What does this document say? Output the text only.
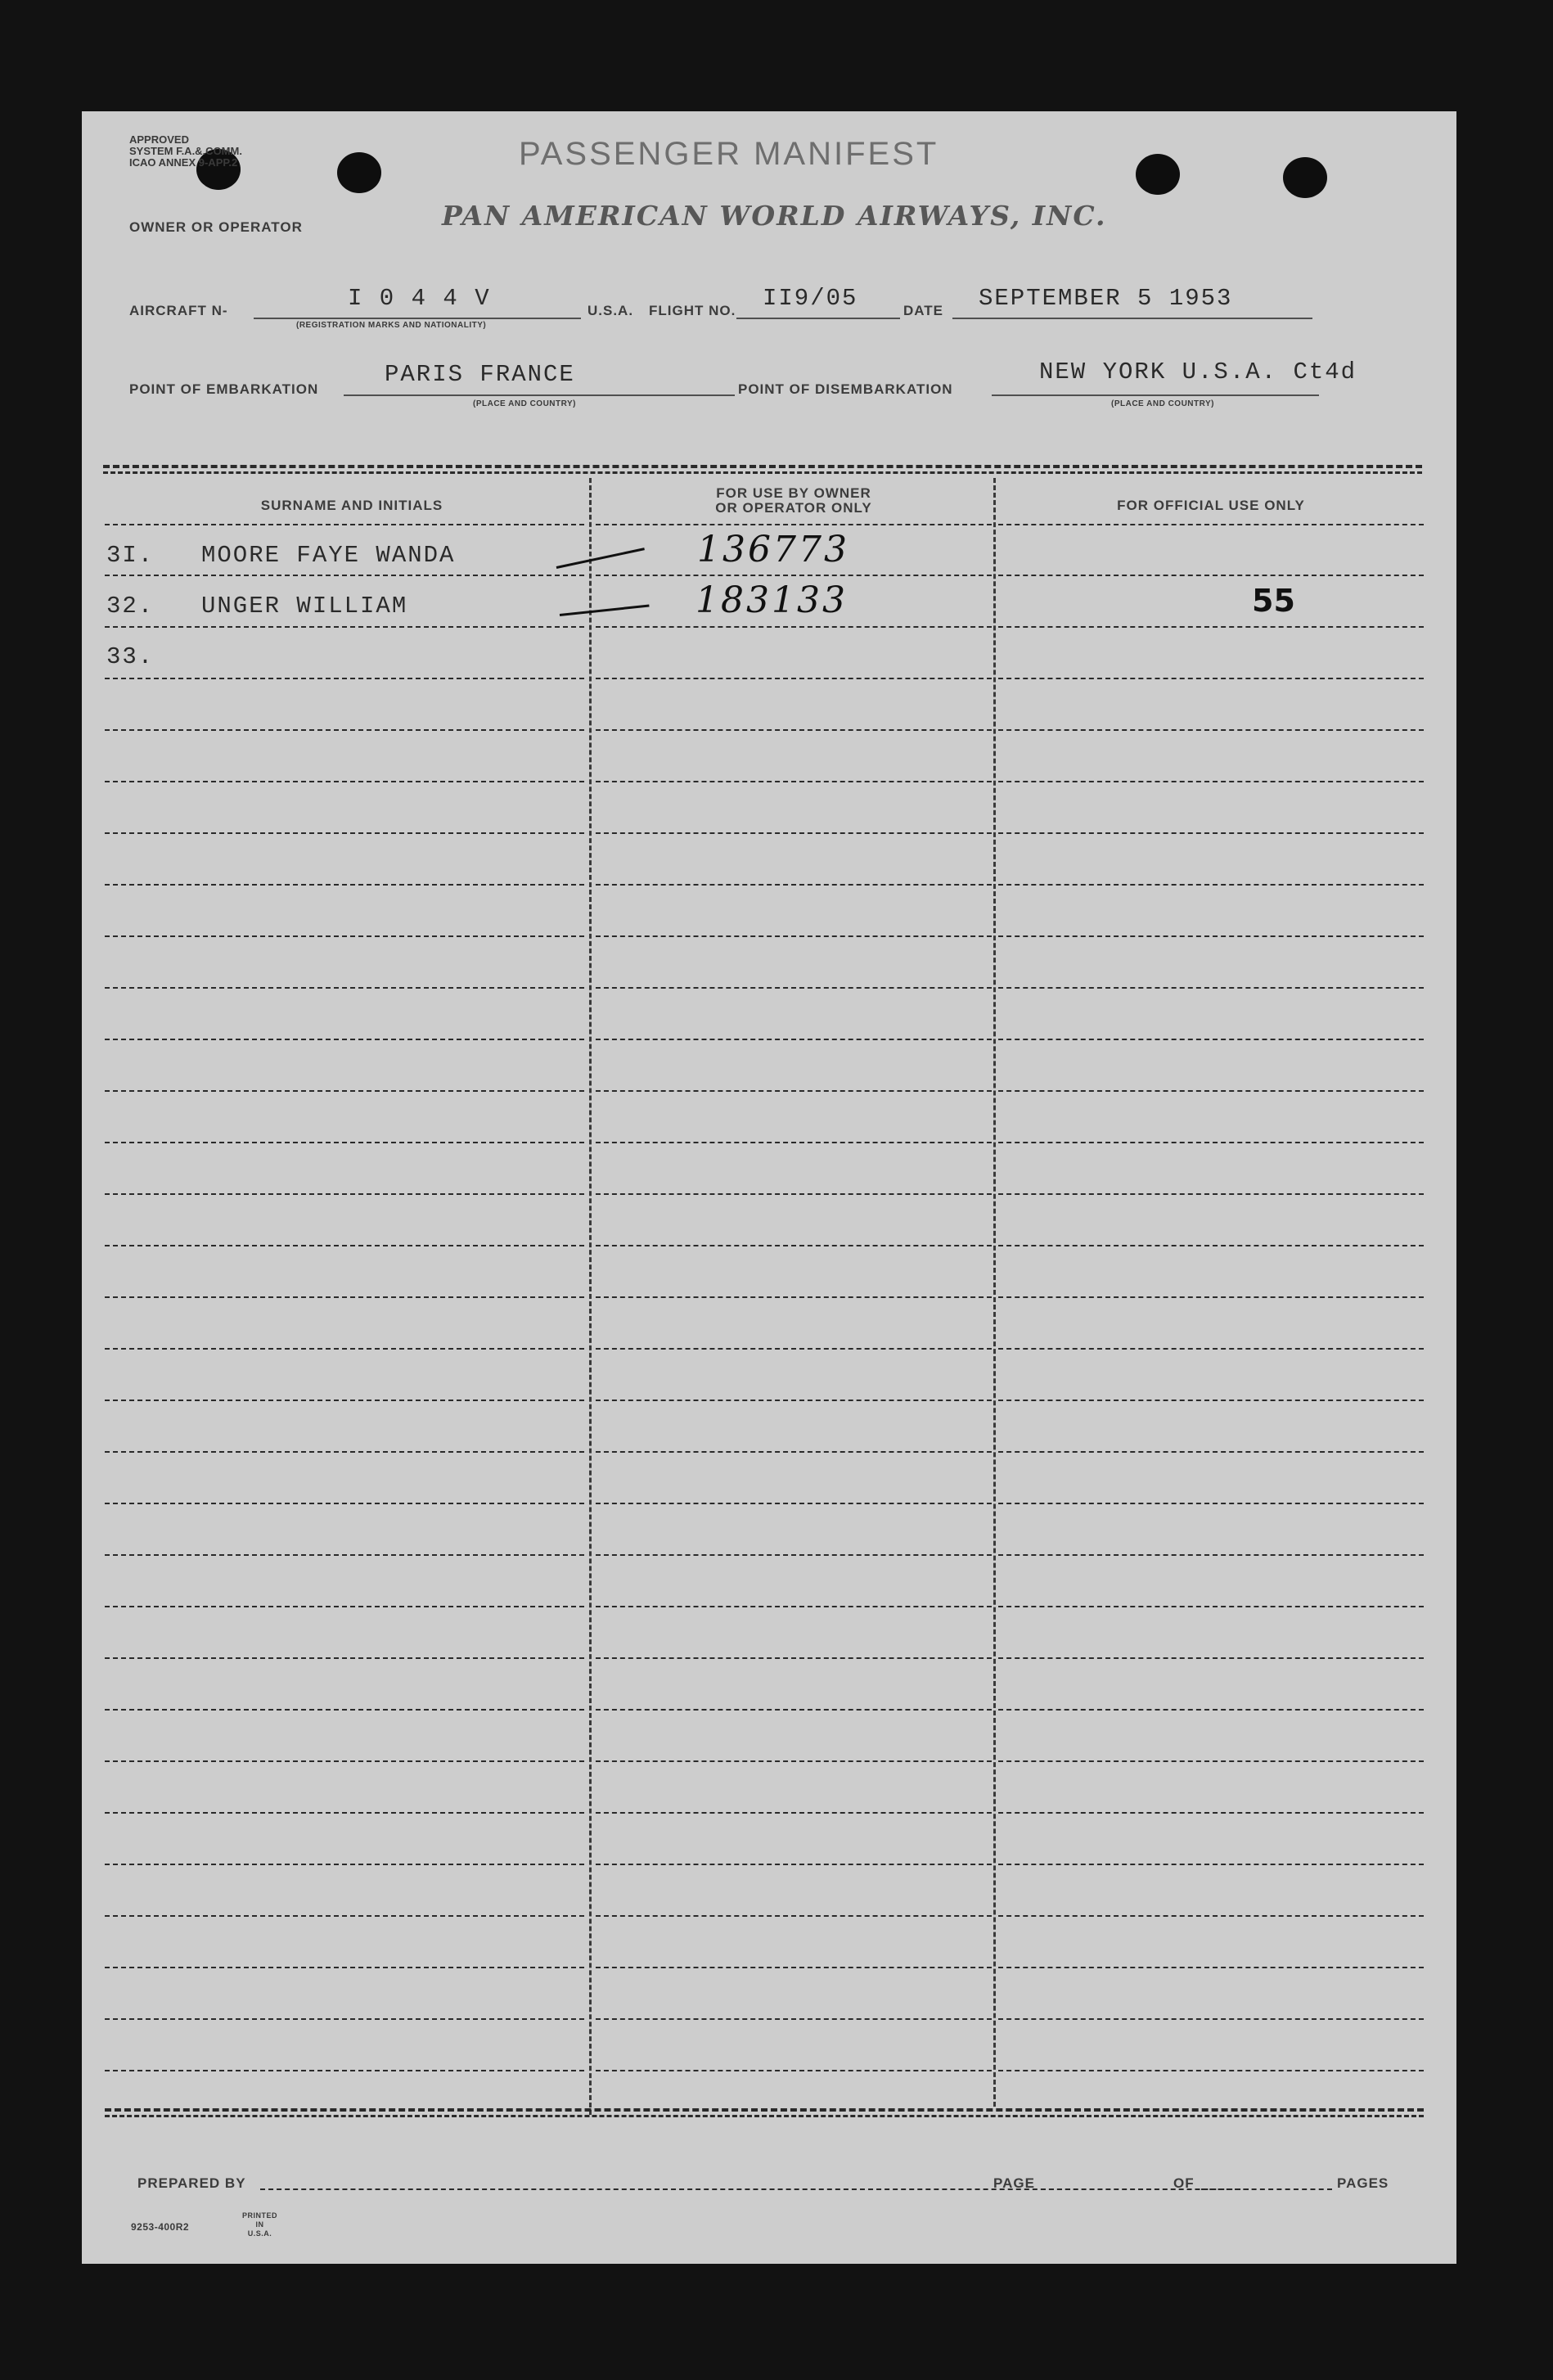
APPROVED
SYSTEM F.A.&.COMM.
ICAO ANNEX 9-APP.2	PASSENGER MANIFEST
OWNER OR OPERATOR	PAN AMERICAN WORLD AIRWAYS, INC.
AIRCRAFT N-	I 0 4 4 V
(REGISTRATION MARKS AND NATIONALITY)
U.S.A. FLIGHT NO. II9/05	DATE SEPTEMBER 5 1953
POINT OF EMBARKATION
PARIS FRANCE
(PLACE AND COUNTRY)
POINT OF DISEMBARKATION
NEW YORK U.S.A. Ct4d
(PLACE AND COUNTRY)
SURNAME AND INITIALS
FOR USE BY OWNER
OR OPERATOR ONLY	FOR OFFICIAL USE ONLY
3I. MOORE FAYE WANDA	136773
32. UNGER WILLIAM	183133	55
33.
PREPARED BY	PAGE	OF	PAGES
9253-400R2
PRINTED
IN
U.S.A.
